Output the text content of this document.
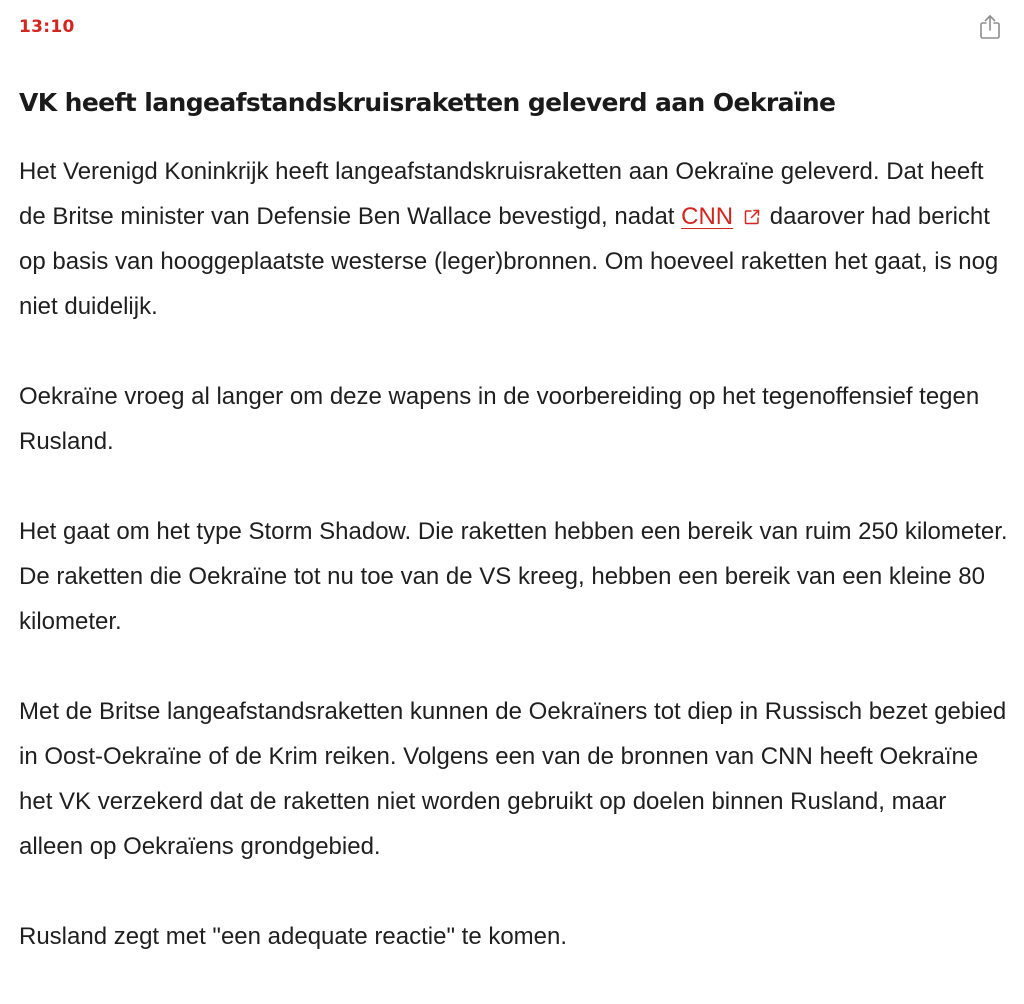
13:10
VK heeft langeafstandskruisraketten geleverd aan Oekraïne

Het Verenigd Koninkrijk heeft langeafstandskruisraketten aan Oekraïne geleverd. Dat heeft de Britse minister van Defensie Ben Wallace bevestigd, nadat CNN daarover had bericht op basis van hooggeplaatste westerse (leger)bronnen. Om hoeveel raketten het gaat, is nog niet duidelijk.

Oekraïne vroeg al langer om deze wapens in de voorbereiding op het tegenoffensief tegen Rusland.

Het gaat om het type Storm Shadow. Die raketten hebben een bereik van ruim 250 kilometer. De raketten die Oekraïne tot nu toe van de VS kreeg, hebben een bereik van een kleine 80 kilometer.

Met de Britse langeafstandsraketten kunnen de Oekraïners tot diep in Russisch bezet gebied in Oost-Oekraïne of de Krim reiken. Volgens een van de bronnen van CNN heeft Oekraïne het VK verzekerd dat de raketten niet worden gebruikt op doelen binnen Rusland, maar alleen op Oekraïens grondgebied.

Rusland zegt met "een adequate reactie" te komen.
